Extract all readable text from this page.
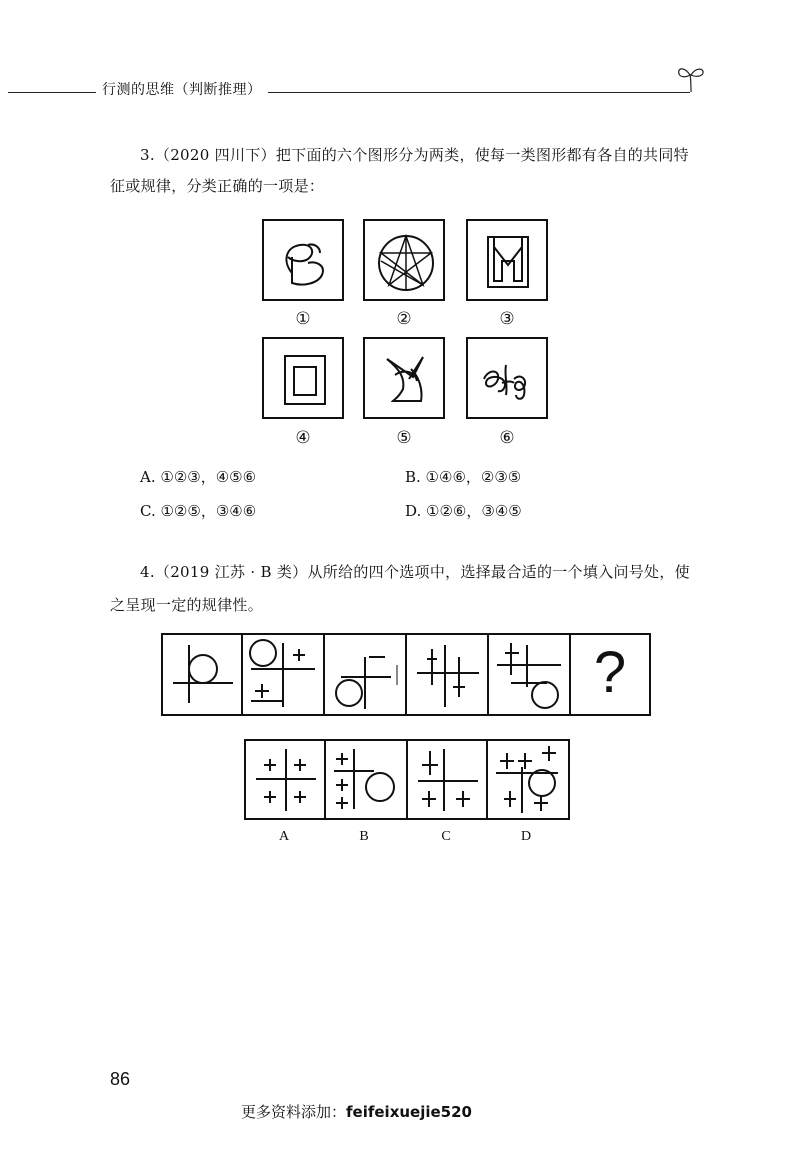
行测的思维（判断推理）
3.（2020 四川下）把下面的六个图形分为两类，使每一类图形都有各自的共同特
征或规律，分类正确的一项是：
①	②	③
④	⑤	⑥
A. ①②③，④⑤⑥	B. ①④⑥，②③⑤
C. ①②⑤，③④⑥	D. ①②⑥，③④⑤
4.（2019 江苏 · B 类）从所给的四个选项中，选择最合适的一个填入问号处，使
之呈现一定的规律性。
?
A	B	C	D
86
更多资料添加：feifeixuejie520
